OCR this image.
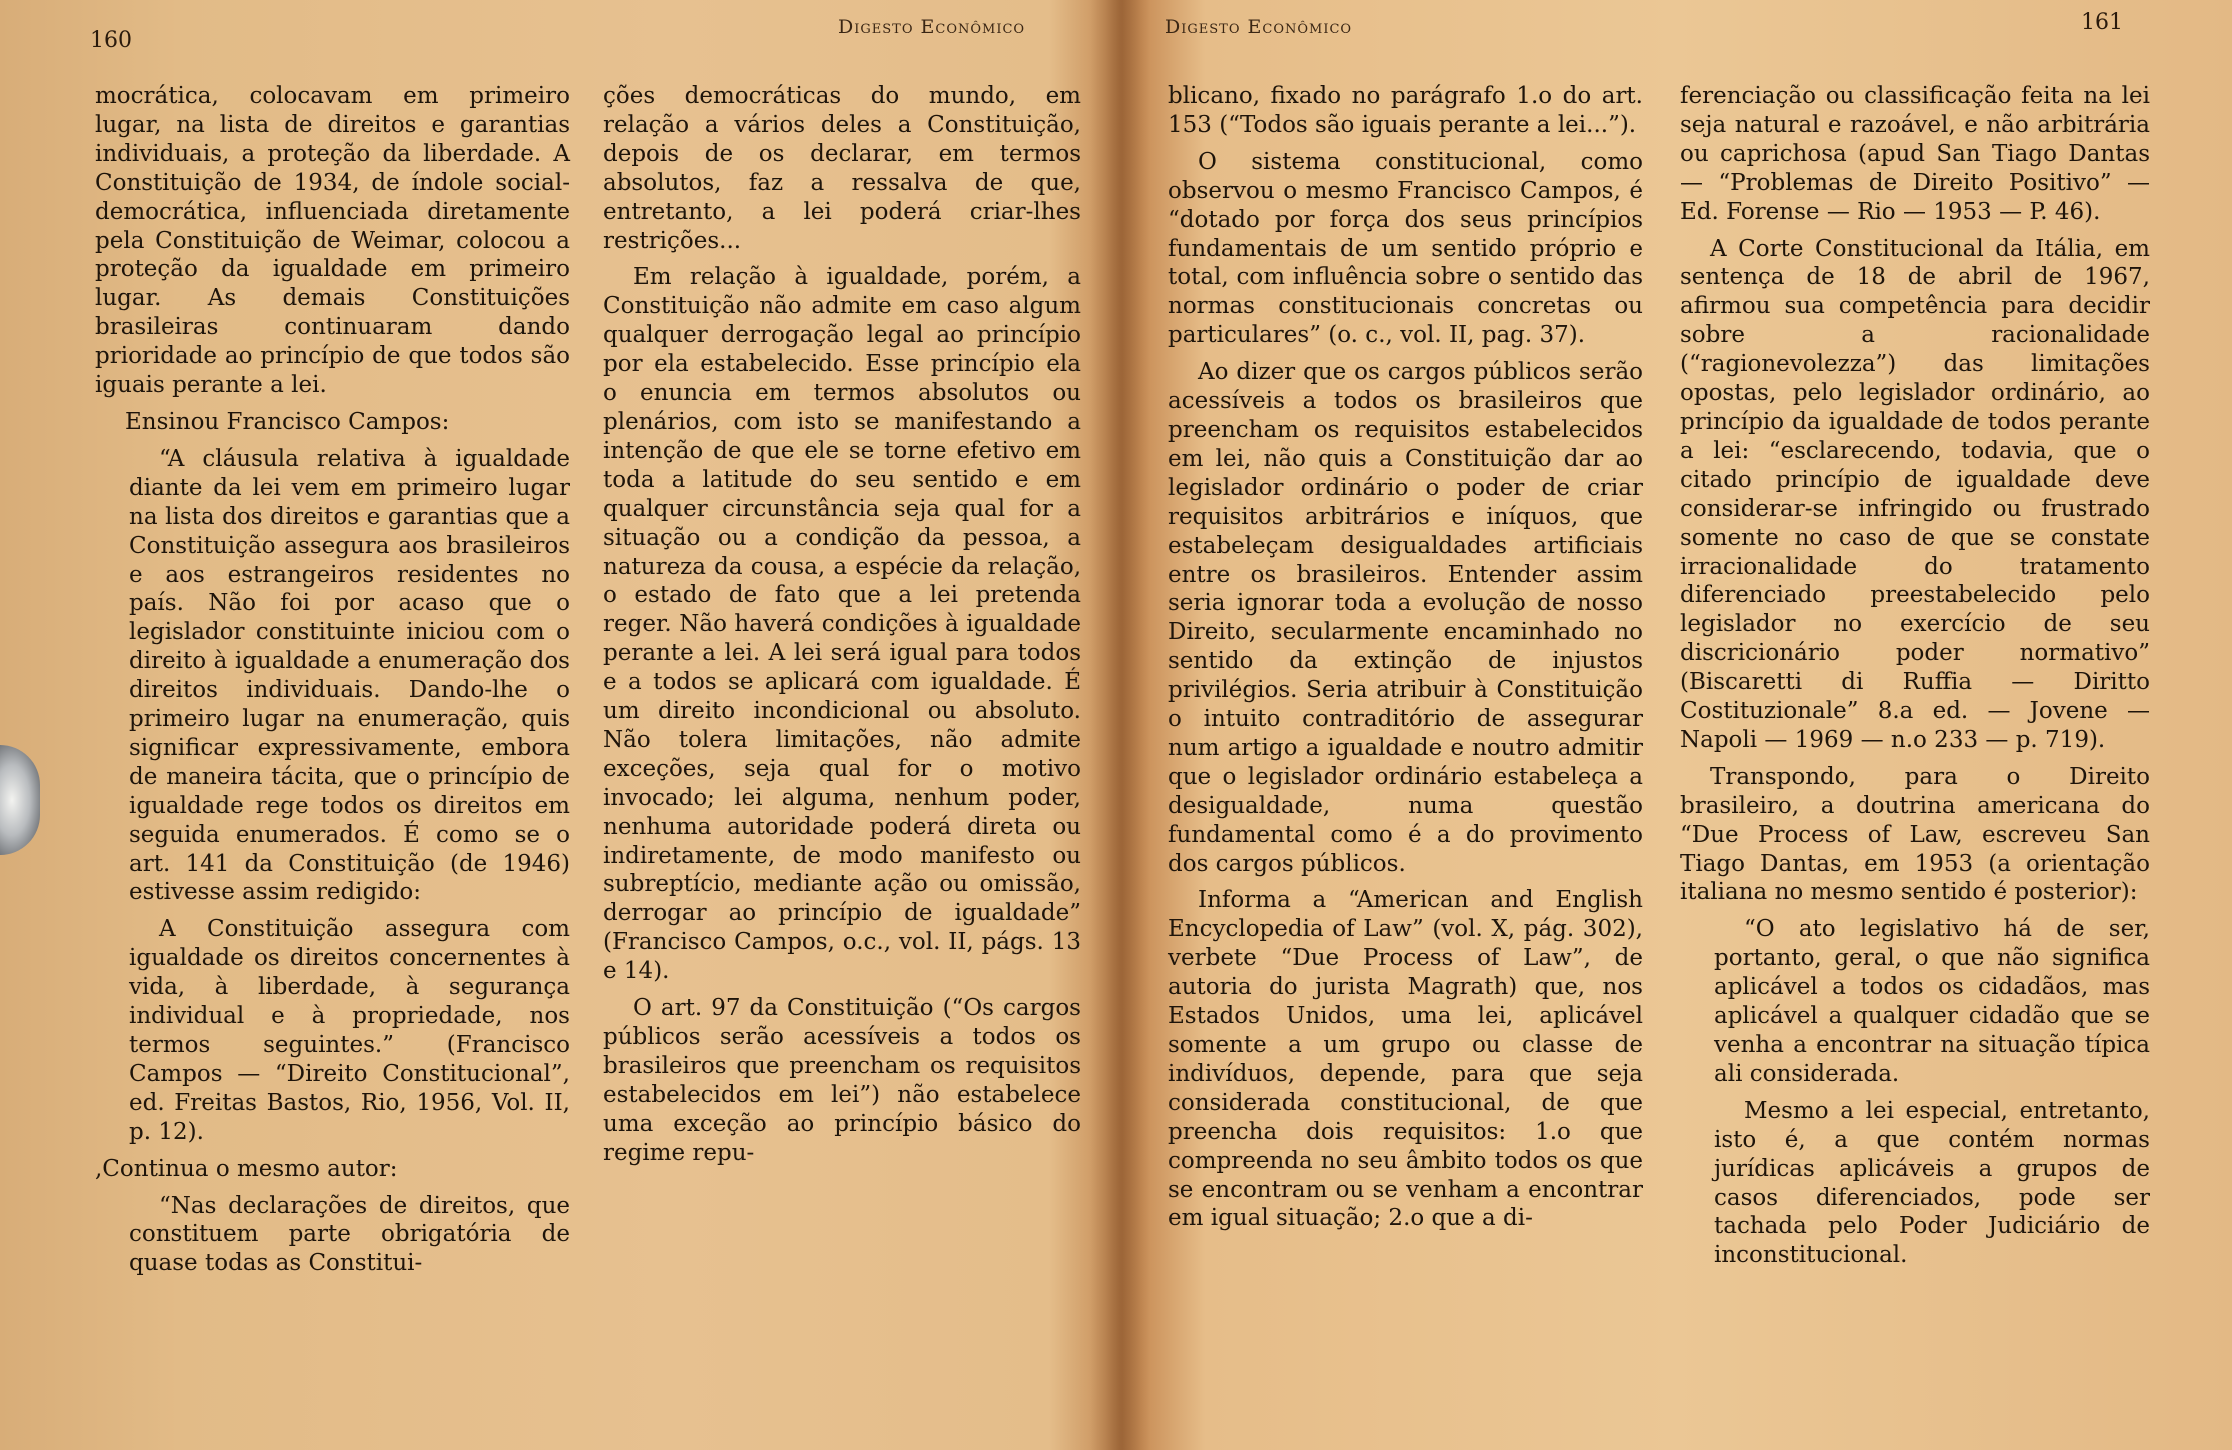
160
Digesto Econômico

mocrática, colocavam em primeiro lugar, na lista de direitos e garantias individuais, a proteção da liberdade. A Constituição de 1934, de índole social-democrática, influenciada diretamente pela Constituição de Weimar, colocou a proteção da igualdade em primeiro lugar. As demais Constituições brasileiras continuaram dando prioridade ao princípio de que todos são iguais perante a lei.

Ensinou Francisco Campos:

“A cláusula relativa à igualdade diante da lei vem em primeiro lugar na lista dos direitos e garantias que a Constituição assegura aos brasileiros e aos estrangeiros residentes no país. Não foi por acaso que o legislador constituinte iniciou com o direito à igualdade a enumeração dos direitos individuais. Dando-lhe o primeiro lugar na enumeração, quis significar expressivamente, embora de maneira tácita, que o princípio de igualdade rege todos os direitos em seguida enumerados. É como se o art. 141 da Constituição (de 1946) estivesse assim redigido:

A Constituição assegura com igualdade os direitos concernentes à vida, à liberdade, à segurança individual e à propriedade, nos termos seguintes.” (Francisco Campos — “Direito Constitucional”, ed. Freitas Bastos, Rio, 1956, Vol. II, p. 12).

,Continua o mesmo autor:

“Nas declarações de direitos, que constituem parte obrigatória de quase todas as Constitui-

ções democráticas do mundo, em relação a vários deles a Constituição, depois de os declarar, em termos absolutos, faz a ressalva de que, entretanto, a lei poderá criar-lhes restrições...

Em relação à igualdade, porém, a Constituição não admite em caso algum qualquer derrogação legal ao princípio por ela estabelecido. Esse princípio ela o enuncia em termos absolutos ou plenários, com isto se manifestando a intenção de que ele se torne efetivo em toda a latitude do seu sentido e em qualquer circunstância seja qual for a situação ou a condição da pessoa, a natureza da cousa, a espécie da relação, o estado de fato que a lei pretenda reger. Não haverá condições à igualdade perante a lei. A lei será igual para todos e a todos se aplicará com igualdade. É um direito incondicional ou absoluto. Não tolera limitações, não admite exceções, seja qual for o motivo invocado; lei alguma, nenhum poder, nenhuma autoridade poderá direta ou indiretamente, de modo manifesto ou subreptício, mediante ação ou omissão, derrogar ao princípio de igualdade” (Francisco Campos, o.c., vol. II, págs. 13 e 14).

O art. 97 da Constituição (“Os cargos públicos serão acessíveis a todos os brasileiros que preencham os requisitos estabelecidos em lei”) não estabelece uma exceção ao princípio básico do regime repu-

Digesto Econômico	161

blicano, fixado no parágrafo 1.o do art. 153 (“Todos são iguais perante a lei...”).

O sistema constitucional, como observou o mesmo Francisco Campos, é “dotado por força dos seus princípios fundamentais de um sentido próprio e total, com influência sobre o sentido das normas constitucionais concretas ou particulares” (o. c., vol. II, pag. 37).

Ao dizer que os cargos públicos serão acessíveis a todos os brasileiros que preencham os requisitos estabelecidos em lei, não quis a Constituição dar ao legislador ordinário o poder de criar requisitos arbitrários e iníquos, que estabeleçam desigualdades artificiais entre os brasileiros. Entender assim seria ignorar toda a evolução de nosso Direito, secularmente encaminhado no sentido da extinção de injustos privilégios. Seria atribuir à Constituição o intuito contraditório de assegurar num artigo a igualdade e noutro admitir que o legislador ordinário estabeleça a desigualdade, numa questão fundamental como é a do provimento dos cargos públicos.

Informa a “American and English Encyclopedia of Law” (vol. X, pág. 302), verbete “Due Process of Law”, de autoria do jurista Magrath) que, nos Estados Unidos, uma lei, aplicável somente a um grupo ou classe de indivíduos, depende, para que seja considerada constitucional, de que preencha dois requisitos: 1.o que compreenda no seu âmbito todos os que se encontram ou se venham a encontrar em igual situação; 2.o que a di-

ferenciação ou classificação feita na lei seja natural e razoável, e não arbitrária ou caprichosa (apud San Tiago Dantas — “Problemas de Direito Positivo” — Ed. Forense — Rio — 1953 — P. 46).

A Corte Constitucional da Itália, em sentença de 18 de abril de 1967, afirmou sua competência para decidir sobre a racionalidade (“ragionevolezza”) das limitações opostas, pelo legislador ordinário, ao princípio da igualdade de todos perante a lei: “esclarecendo, todavia, que o citado princípio de igualdade deve considerar-se infringido ou frustrado somente no caso de que se constate irracionalidade do tratamento diferenciado preestabelecido pelo legislador no exercício de seu discricionário poder normativo” (Biscaretti di Ruffia — Diritto Costituzionale” 8.a ed. — Jovene — Napoli — 1969 — n.o 233 — p. 719).

Transpondo, para o Direito brasileiro, a doutrina americana do “Due Process of Law, escreveu San Tiago Dantas, em 1953 (a orientação italiana no mesmo sentido é posterior):

“O ato legislativo há de ser, portanto, geral, o que não significa aplicável a todos os cidadãos, mas aplicável a qualquer cidadão que se venha a encontrar na situação típica ali considerada.

Mesmo a lei especial, entretanto, isto é, a que contém normas jurídicas aplicáveis a grupos de casos diferenciados, pode ser tachada pelo Poder Judiciário de inconstitucional.
